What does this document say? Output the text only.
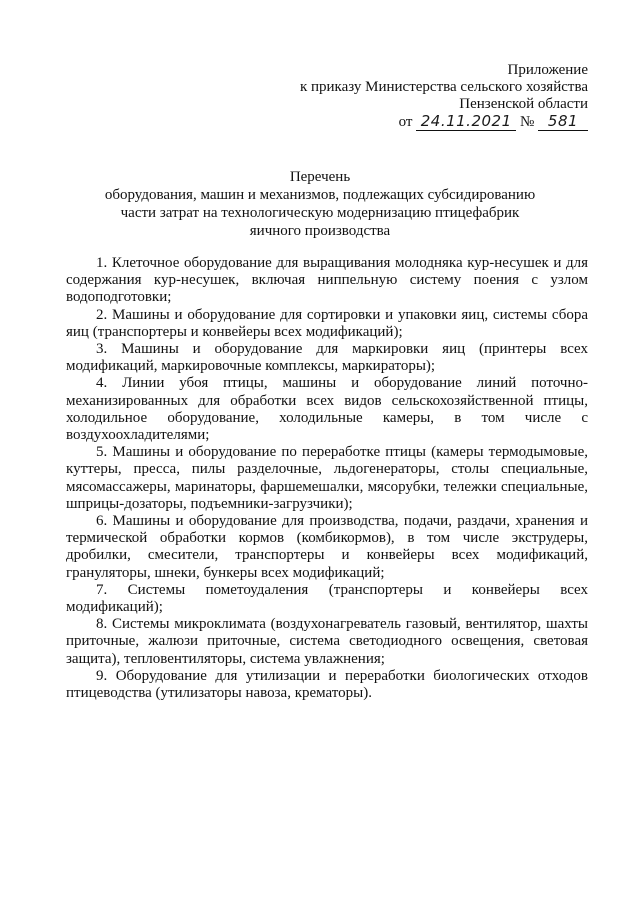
Приложение
к приказу Министерства сельского хозяйства
Пензенской области
от 24.11.2021 № 581
Перечень
оборудования, машин и механизмов, подлежащих субсидированию
части затрат на технологическую модернизацию птицефабрик
яичного производства

1. Клеточное оборудование для выращивания молодняка кур-несушек и для содержания кур-несушек, включая ниппельную систему поения с узлом водоподготовки;

2. Машины и оборудование для сортировки и упаковки яиц, системы сбора яиц (транспортеры и конвейеры всех модификаций);

3. Машины и оборудование для маркировки яиц (принтеры всех модификаций, маркировочные комплексы, маркираторы);

4. Линии убоя птицы, машины и оборудование линий поточно-механизированных для обработки всех видов сельскохозяйственной птицы, холодильное оборудование, холодильные камеры, в том числе с воздухоохладителями;

5. Машины и оборудование по переработке птицы (камеры термодымовые, куттеры, пресса, пилы разделочные, льдогенераторы, столы специальные, мясомассажеры, маринаторы, фаршемешалки, мясорубки, тележки специальные, шприцы-дозаторы, подъемники-загрузчики);

6. Машины и оборудование для производства, подачи, раздачи, хранения и термической обработки кормов (комбикормов), в том числе экструдеры, дробилки, смесители, транспортеры и конвейеры всех модификаций, грануляторы, шнеки, бункеры всех модификаций;

7. Системы пометоудаления (транспортеры и конвейеры всех модификаций);

8. Системы микроклимата (воздухонагреватель газовый, вентилятор, шахты приточные, жалюзи приточные, система светодиодного освещения, световая защита), тепловентиляторы, система увлажнения;

9. Оборудование для утилизации и переработки биологических отходов птицеводства (утилизаторы навоза, крематоры).
